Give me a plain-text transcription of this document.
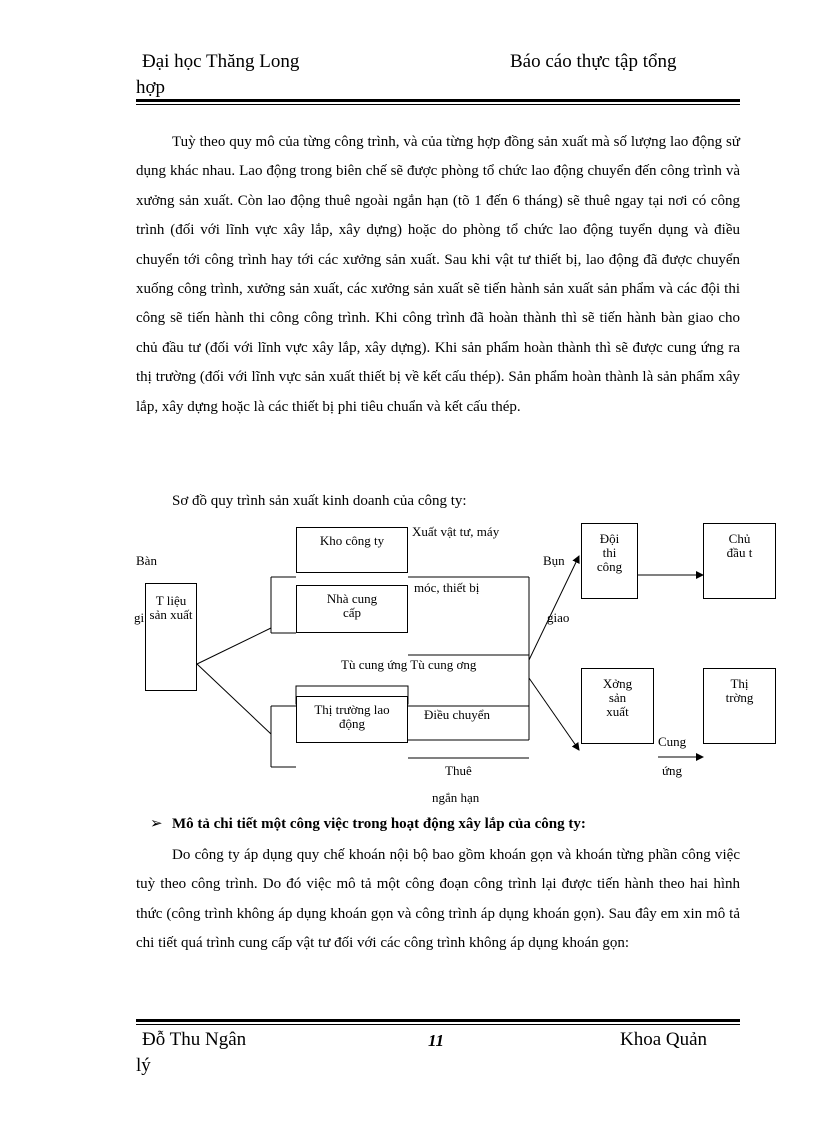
Đại học Thăng Long	Báo cáo thực tập tổng
hợp
Tuỳ theo quy mô của từng công trình, và của từng hợp đồng sản xuất mà số lượng lao động sử dụng khác nhau. Lao động trong biên chế sẽ được phòng tổ chức lao động chuyển đến công trình và xưởng sản xuất. Còn lao động thuê ngoài ngắn hạn (tõ 1 đến 6 tháng) sẽ thuê ngay tại nơi có công trình (đối với lĩnh vực xây lắp, xây dựng) hoặc do phòng tổ chức lao động tuyển dụng và điều chuyển tới công trình hay tới các xưởng sản xuất. Sau khi vật tư thiết bị, lao động đã được chuyển xuống công trình, xưởng sản xuất, các xưởng sản xuất sẽ tiến hành sản xuất sản phẩm và các đội thi công sẽ tiến hành thi công công trình. Khi công trình đã hoàn thành thì sẽ tiến hành bàn giao cho chủ đầu tư (đối với lĩnh vực xây lắp, xây dựng). Khi sản phẩm hoàn thành thì sẽ được cung ứng ra thị trường (đối với lĩnh vực sản xuất thiết bị về kết cấu thép). Sản phẩm hoàn thành là sản phẩm xây lắp, xây dựng hoặc là các thiết bị phi tiêu chuẩn và kết cấu thép.
Sơ đồ quy trình sản xuất kinh doanh của công ty:
T liệu sản xuất
Kho công ty
Nhà cung cấp
Thị trường lao động
Đội thi công
Chủ đầu t
Xởng sản xuất
Thị trờng
Bàn
gi
Xuất vật tư, máy
móc, thiết bị
Tù cung ứng Tù cung ơng
Điều chuyển
Thuê
ngắn hạn
Bụn
giao
Cung
ứng
➢ Mô tả chi tiết một công việc trong hoạt động xây lắp của công ty:
Do công ty áp dụng quy chế khoán nội bộ bao gồm khoán gọn và khoán từng phần công việc tuỳ theo công trình. Do đó việc mô tả một công đoạn công trình lại được tiến hành theo hai hình thức (công trình không áp dụng khoán gọn và công trình áp dụng khoán gọn). Sau đây em xin mô tả chi tiết quá trình cung cấp vật tư đối với các công trình không áp dụng khoán gọn:
Đỗ Thu Ngân	11	Khoa Quản
lý
